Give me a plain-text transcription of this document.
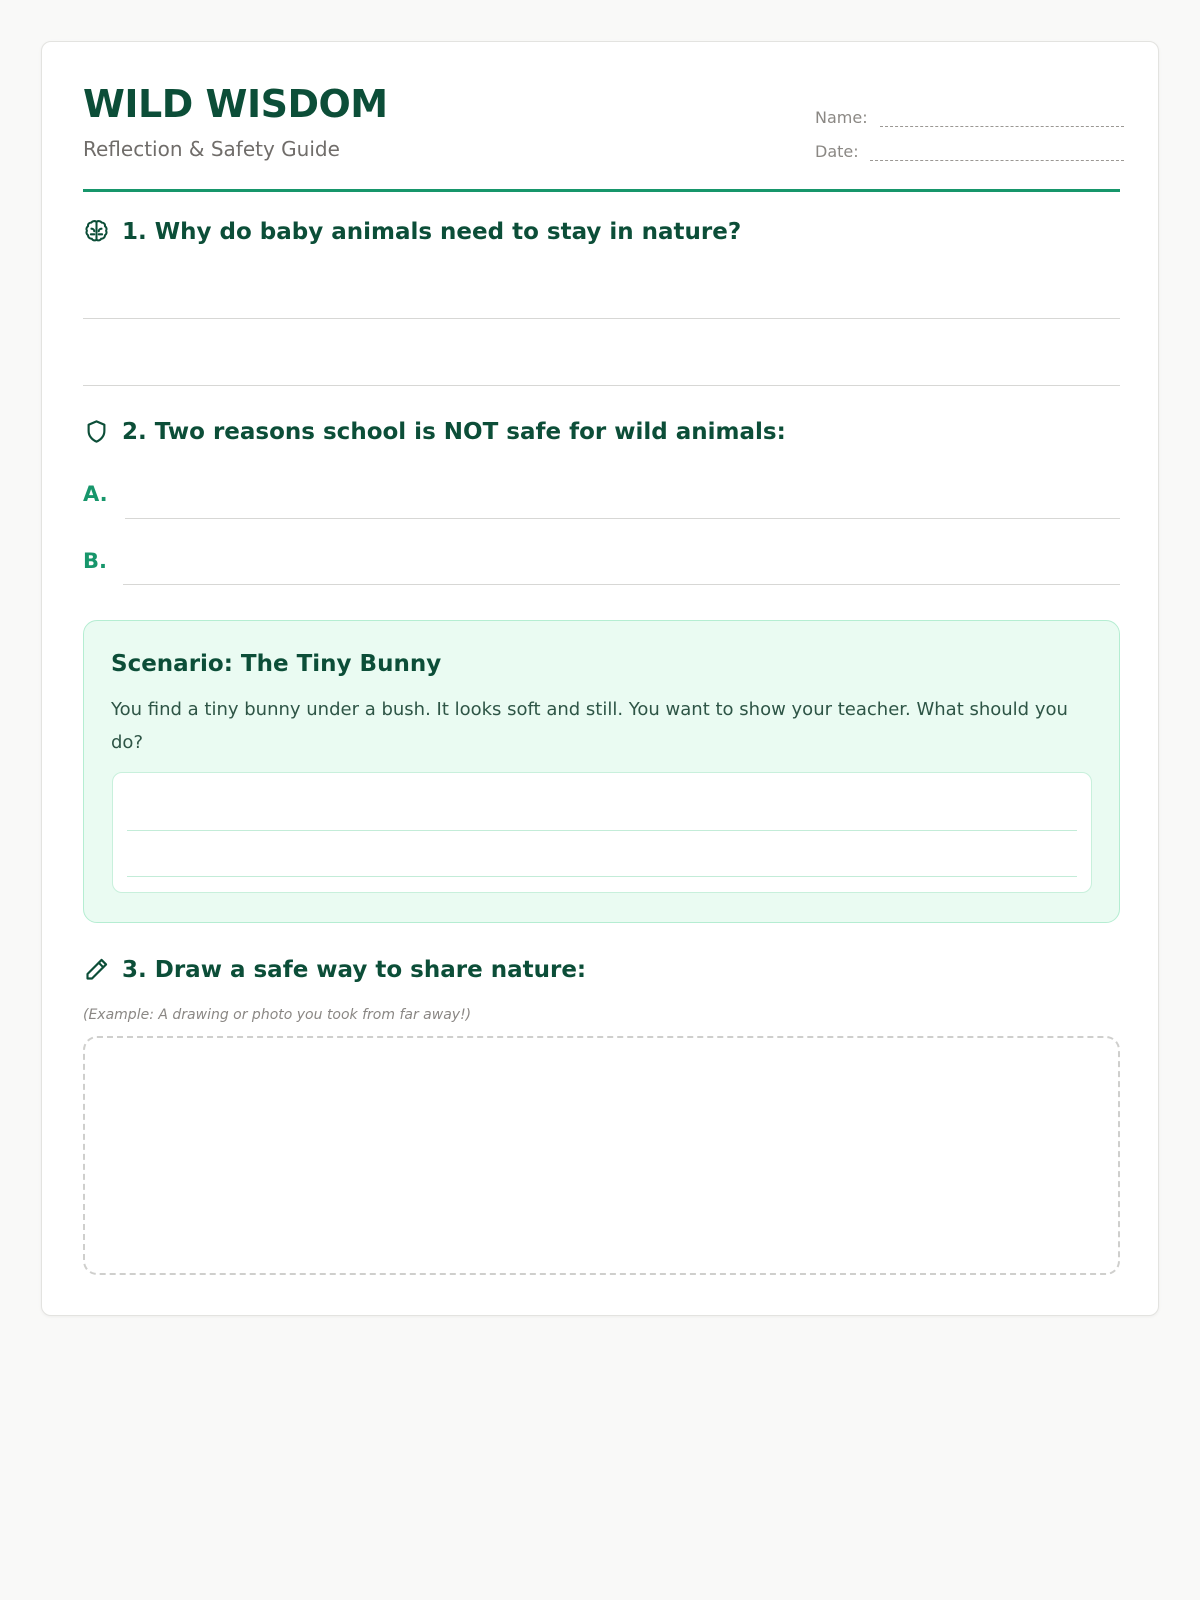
WILD WISDOM
Reflection & Safety Guide
Name:
Date:
1. Why do baby animals need to stay in nature?
2. Two reasons school is NOT safe for wild animals:
A.
B.
Scenario: The Tiny Bunny
You find a tiny bunny under a bush. It looks soft and still. You want to show your teacher. What should you do?
3. Draw a safe way to share nature:
(Example: A drawing or photo you took from far away!)
